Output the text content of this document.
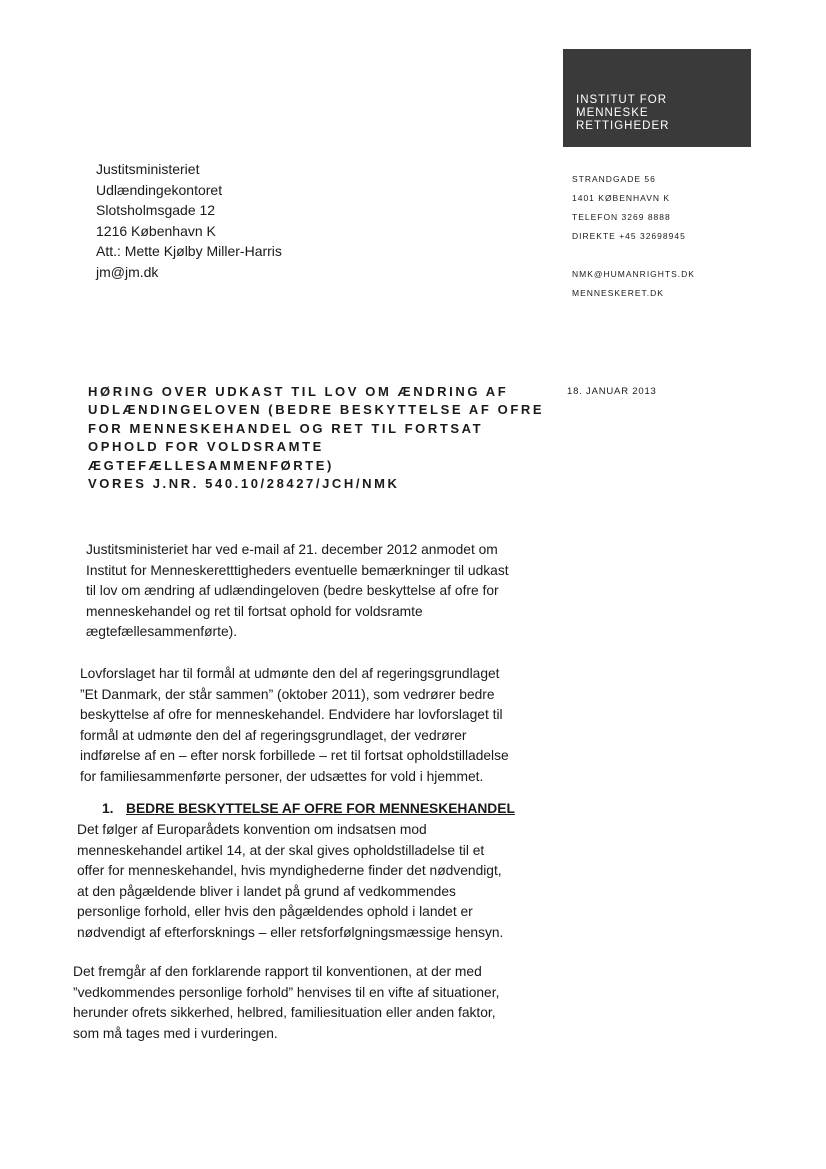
INSTITUT FOR
MENNESKE
RETTIGHEDER
Justitsministeriet
Udlændingekontoret
Slotsholmsgade 12
1216 København K
Att.: Mette Kjølby Miller-Harris
jm@jm.dk
STRANDGADE 56
1401 KØBENHAVN K
TELEFON 3269 8888
DIREKTE +45 32698945
NMK@HUMANRIGHTS.DK
MENNESKERET.DK
18. JANUAR 2013
HØRING OVER UDKAST TIL LOV OM ÆNDRING AF
UDLÆNDINGELOVEN (BEDRE BESKYTTELSE AF OFRE
FOR MENNESKEHANDEL OG RET TIL FORTSAT
OPHOLD FOR VOLDSRAMTE
ÆGTEFÆLLESAMMENFØRTE)
VORES J.NR. 540.10/28427/JCH/NMK
Justitsministeriet har ved e-mail af 21. december 2012 anmodet om
Institut for Menneskeretttigheders eventuelle bemærkninger til udkast
til lov om ændring af udlændingeloven (bedre beskyttelse af ofre for
menneskehandel og ret til fortsat ophold for voldsramte
ægtefællesammenførte).
Lovforslaget har til formål at udmønte den del af regeringsgrundlaget
”Et Danmark, der står sammen” (oktober 2011), som vedrører bedre
beskyttelse af ofre for menneskehandel. Endvidere har lovforslaget til
formål at udmønte den del af regeringsgrundlaget, der vedrører
indførelse af en – efter norsk forbillede – ret til fortsat opholdstilladelse
for familiesammenførte personer, der udsættes for vold i hjemmet.
1. BEDRE BESKYTTELSE AF OFRE FOR MENNESKEHANDEL
Det følger af Europarådets konvention om indsatsen mod
menneskehandel artikel 14, at der skal gives opholdstilladelse til et
offer for menneskehandel, hvis myndighederne finder det nødvendigt,
at den pågældende bliver i landet på grund af vedkommendes
personlige forhold, eller hvis den pågældendes ophold i landet er
nødvendigt af efterforsknings – eller retsforfølgningsmæssige hensyn.
Det fremgår af den forklarende rapport til konventionen, at der med
”vedkommendes personlige forhold” henvises til en vifte af situationer,
herunder ofrets sikkerhed, helbred, familiesituation eller anden faktor,
som må tages med i vurderingen.
